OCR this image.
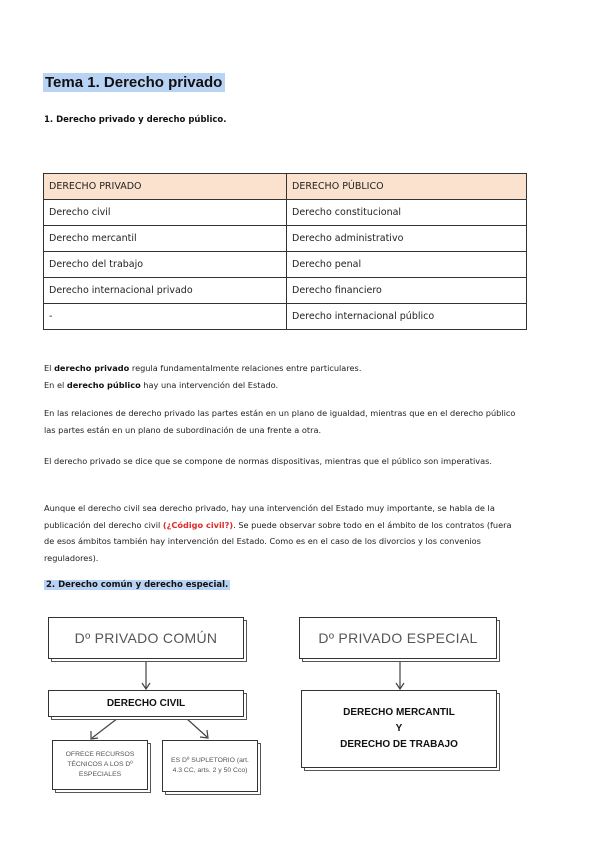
Tema 1. Derecho privado
1. Derecho privado y derecho público.
DERECHO PRIVADO	DERECHO PÚBLICO
Derecho civil	Derecho constitucional
Derecho mercantil	Derecho administrativo
Derecho del trabajo	Derecho penal
Derecho internacional privado	Derecho financiero
-	Derecho internacional público
El derecho privado regula fundamentalmente relaciones entre particulares.
En el derecho público hay una intervención del Estado.
En las relaciones de derecho privado las partes están en un plano de igualdad, mientras que en el derecho público las partes están en un plano de subordinación de una frente a otra.
El derecho privado se dice que se compone de normas dispositivas, mientras que el público son imperativas.
Aunque el derecho civil sea derecho privado, hay una intervención del Estado muy importante, se habla de la publicación del derecho civil (¿Código civil?). Se puede observar sobre todo en el ámbito de los contratos (fuera de esos ámbitos también hay intervención del Estado. Como es en el caso de los divorcios y los convenios reguladores).
2. Derecho común y derecho especial.
Dº PRIVADO COMÚN
DERECHO CIVIL
OFRECE RECURSOS TÉCNICOS A LOS Dº ESPECIALES
ES Dº SUPLETORIO (art. 4.3 CC, arts. 2 y 50 Cco)
Dº PRIVADO ESPECIAL
DERECHO MERCANTIL
Y
DERECHO DE TRABAJO
